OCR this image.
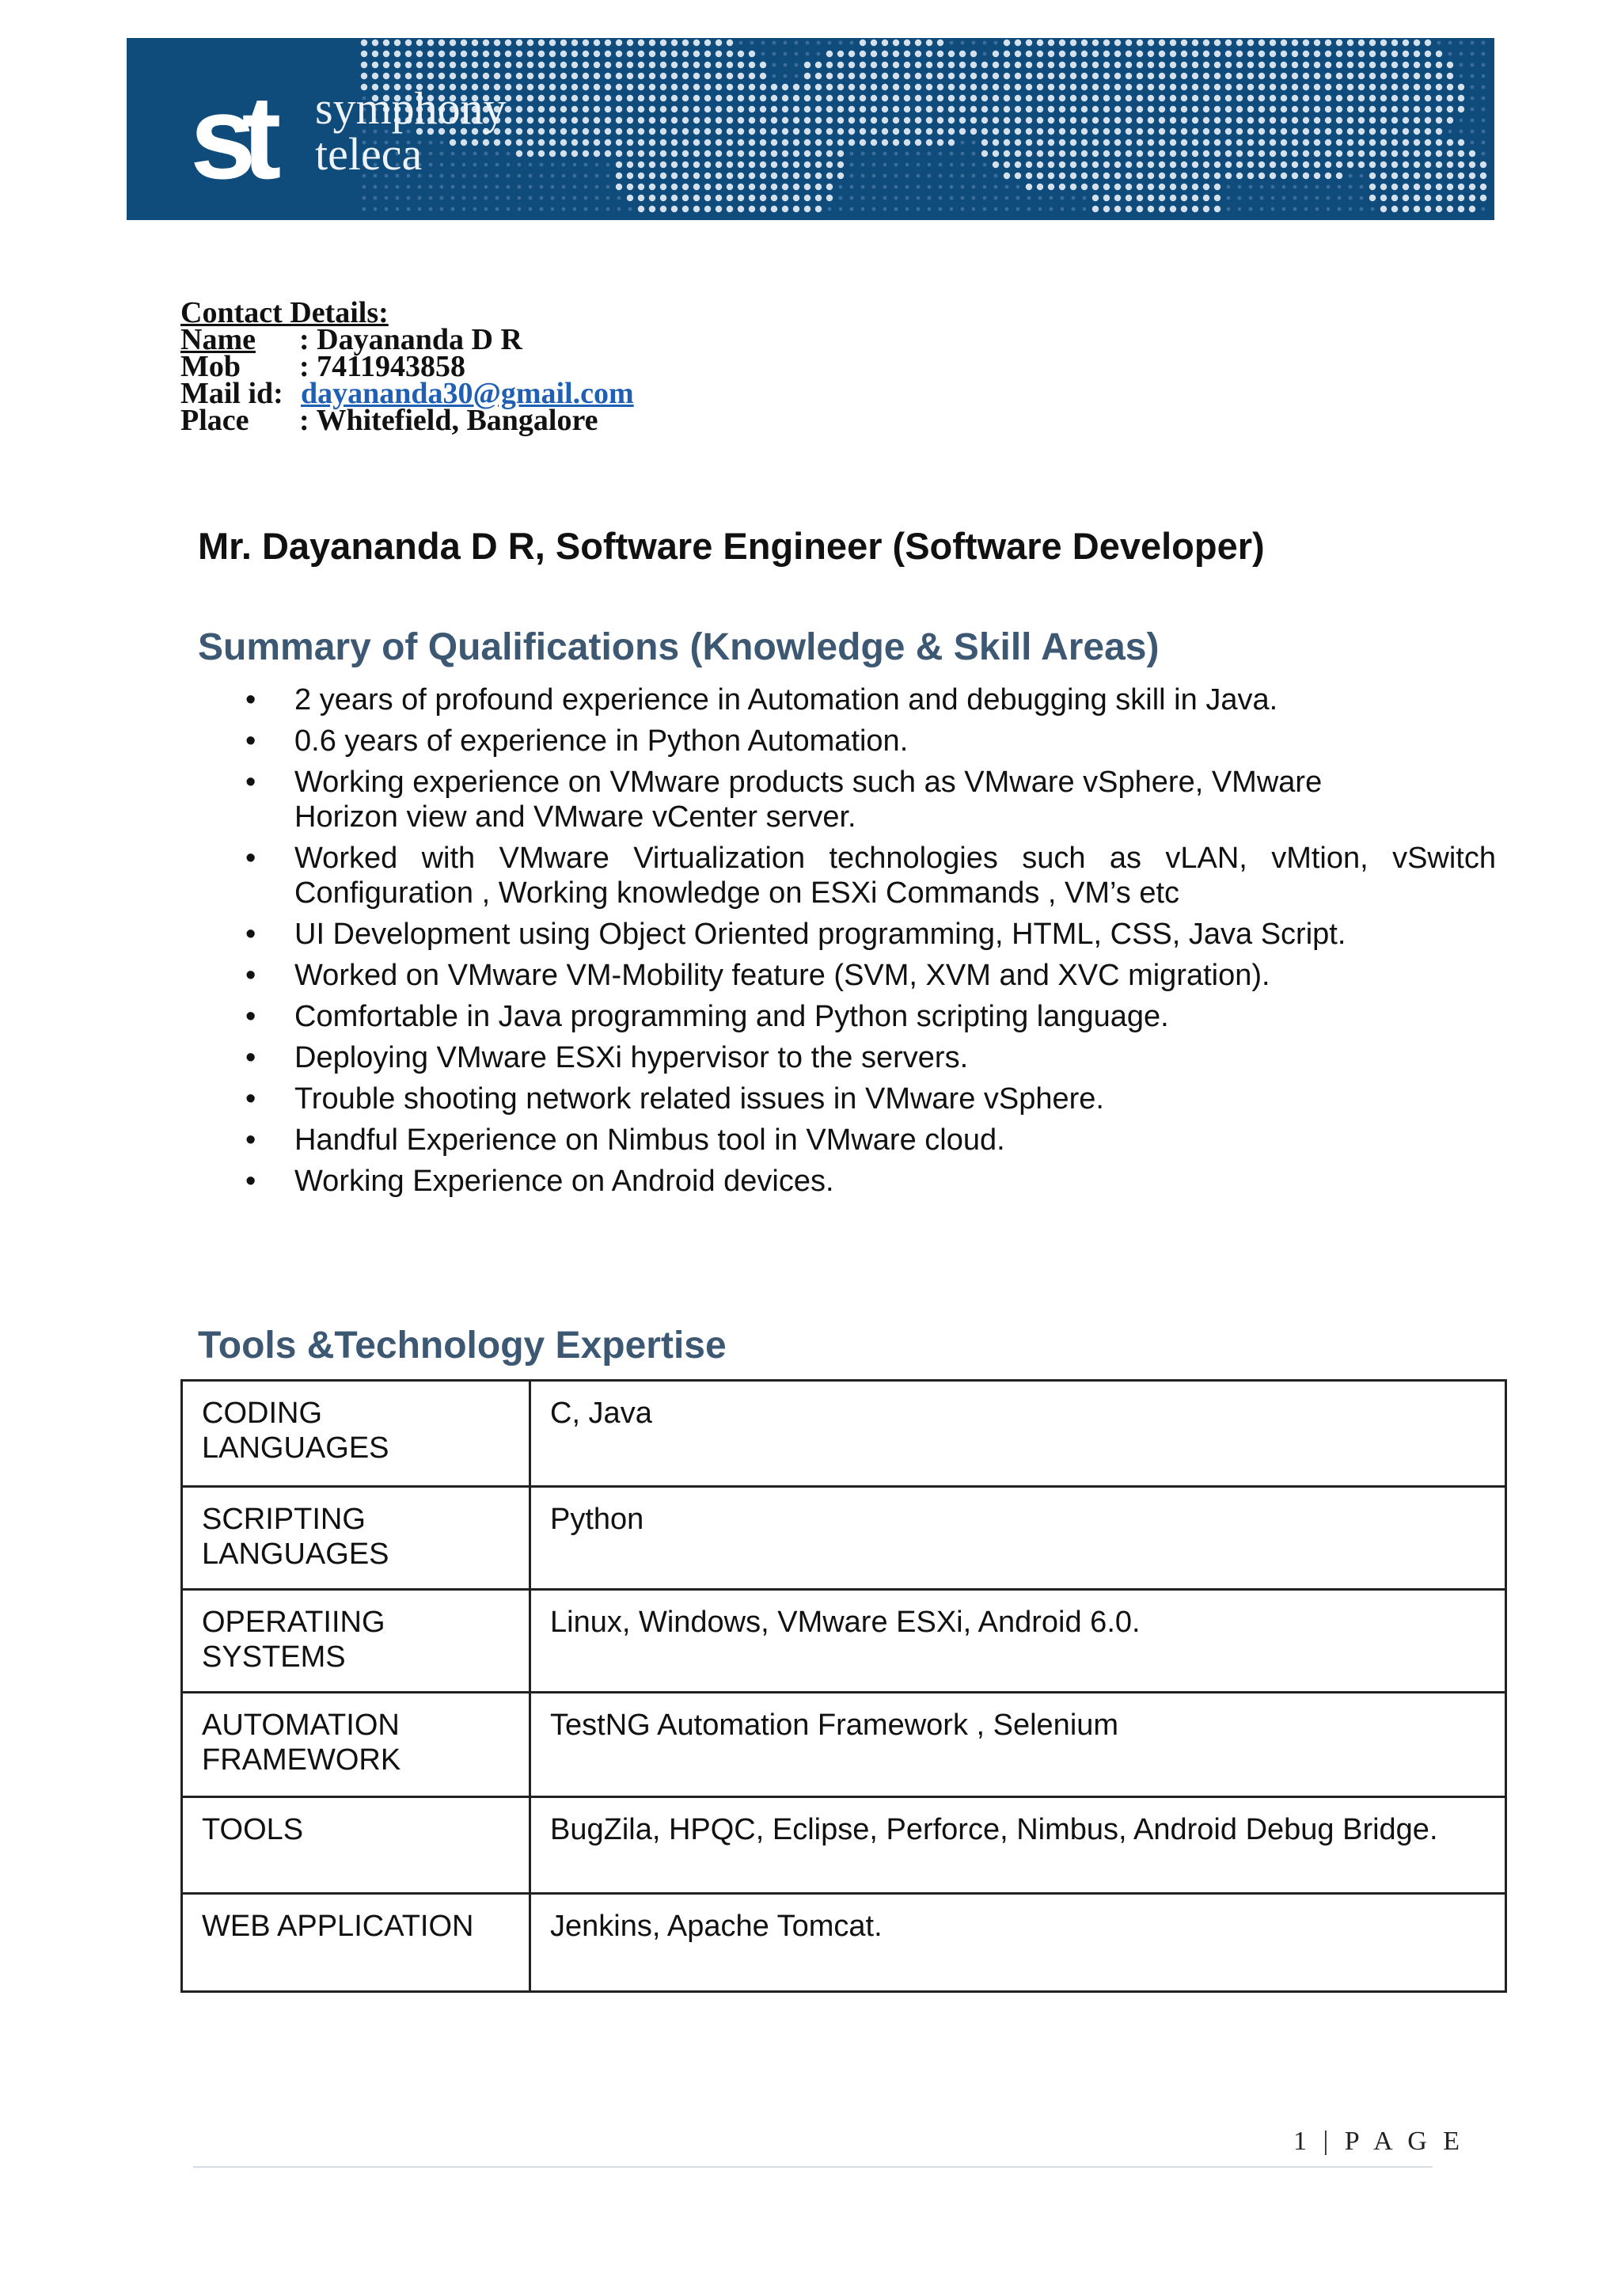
st symphony
teleca
Contact Details:
Name	: Dayananda D R
Mob	: 7411943858
Mail id: dayananda30@gmail.com
Place	: Whitefield, Bangalore
Mr. Dayananda D R, Software Engineer (Software Developer)
Summary of Qualifications (Knowledge & Skill Areas)
• 2 years of profound experience in Automation and debugging skill in Java.
• 0.6 years of experience in Python Automation.
• Working experience on VMware products such as VMware vSphere, VMware Horizon view and VMware vCenter server.
• Worked with VMware Virtualization technologies such as vLAN, vMtion, vSwitch Configuration , Working knowledge on ESXi Commands , VM’s etc
• UI Development using Object Oriented programming, HTML, CSS, Java Script.
• Worked on VMware VM-Mobility feature (SVM, XVM and XVC migration).
• Comfortable in Java programming and Python scripting language.
• Deploying VMware ESXi hypervisor to the servers.
• Trouble shooting network related issues in VMware vSphere.
• Handful Experience on Nimbus tool in VMware cloud.
• Working Experience on Android devices.
Tools &Technology Expertise
CODING LANGUAGES	C, Java

SCRIPTING LANGUAGES	Python

OPERATIING SYSTEMS	Linux, Windows, VMware ESXi, Android 6.0.

AUTOMATION FRAMEWORK	TestNG Automation Framework , Selenium
TOOLS	BugZila, HPQC, Eclipse, Perforce, Nimbus, Android Debug Bridge.
WEB APPLICATION	Jenkins, Apache Tomcat.
1 | P A G E
